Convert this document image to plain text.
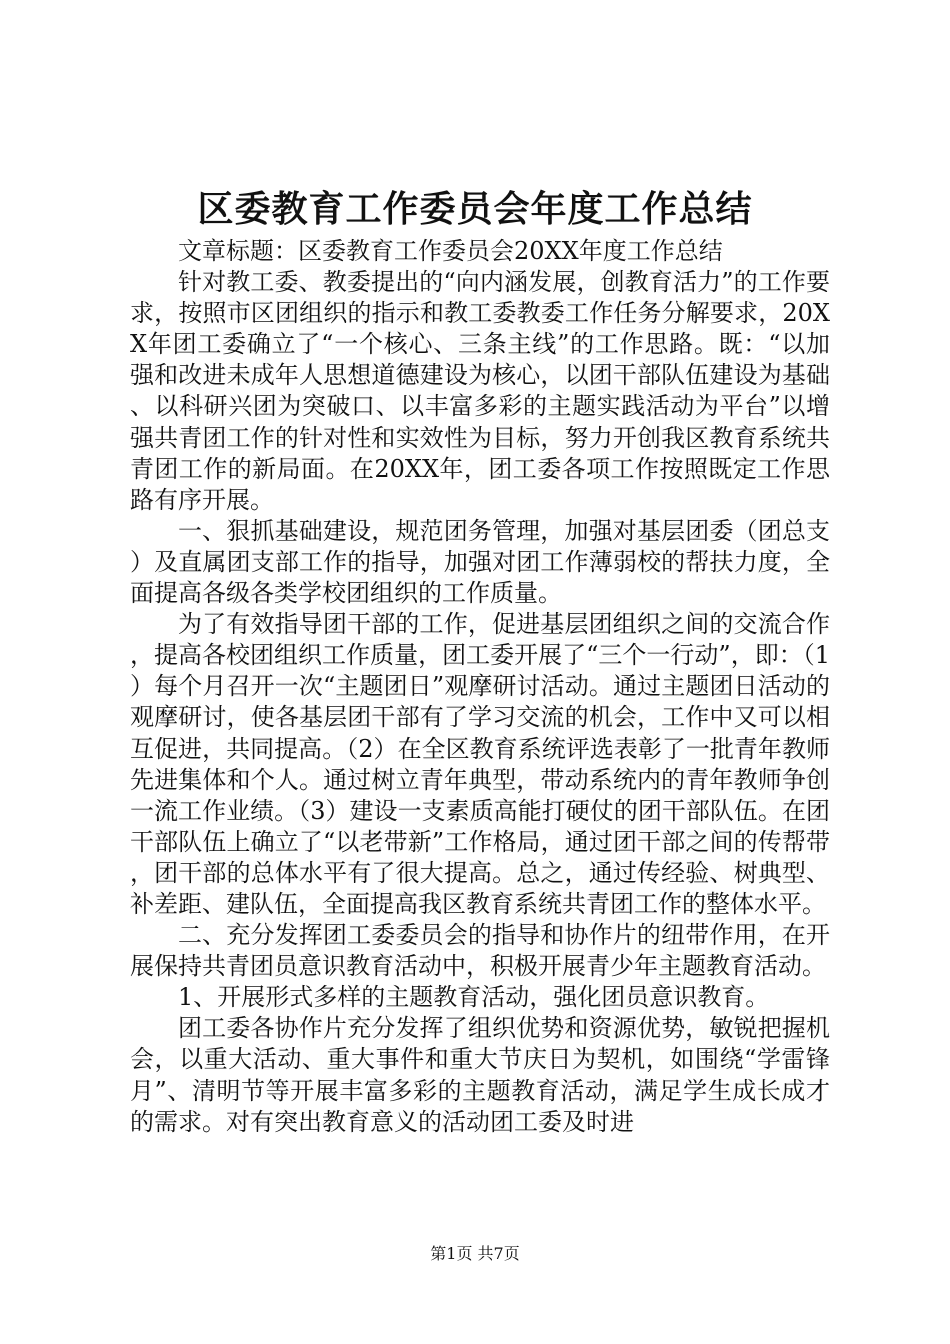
区委教育工作委员会年度工作总结

文章标题：区委教育工作委员会20XX年度工作总结

针对教工委、教委提出的“向内涵发展，创教育活力”的工作要求，按照市区团组织的指示和教工委教委工作任务分解要求，20XX年团工委确立了“一个核心、三条主线”的工作思路。既：“以加强和改进未成年人思想道德建设为核心，以团干部队伍建设为基础、以科研兴团为突破口、以丰富多彩的主题实践活动为平台”以增强共青团工作的针对性和实效性为目标，努力开创我区教育系统共青团工作的新局面。在20XX年，团工委各项工作按照既定工作思路有序开展。

一、狠抓基础建设，规范团务管理，加强对基层团委（团总支）及直属团支部工作的指导，加强对团工作薄弱校的帮扶力度，全面提高各级各类学校团组织的工作质量。

为了有效指导团干部的工作，促进基层团组织之间的交流合作，提高各校团组织工作质量，团工委开展了“三个一行动”，即：（1）每个月召开一次“主题团日”观摩研讨活动。通过主题团日活动的观摩研讨，使各基层团干部有了学习交流的机会，工作中又可以相互促进，共同提高。（2）在全区教育系统评选表彰了一批青年教师先进集体和个人。通过树立青年典型，带动系统内的青年教师争创一流工作业绩。（3）建设一支素质高能打硬仗的团干部队伍。在团干部队伍上确立了“以老带新”工作格局，通过团干部之间的传帮带，团干部的总体水平有了很大提高。总之，通过传经验、树典型、补差距、建队伍，全面提高我区教育系统共青团工作的整体水平。

二、充分发挥团工委委员会的指导和协作片的纽带作用，在开展保持共青团员意识教育活动中，积极开展青少年主题教育活动。

1、开展形式多样的主题教育活动，强化团员意识教育。

团工委各协作片充分发挥了组织优势和资源优势，敏锐把握机会，以重大活动、重大事件和重大节庆日为契机，如围绕“学雷锋月”、清明节等开展丰富多彩的主题教育活动，满足学生成长成才的需求。对有突出教育意义的活动团工委及时进

第1页 共7页
